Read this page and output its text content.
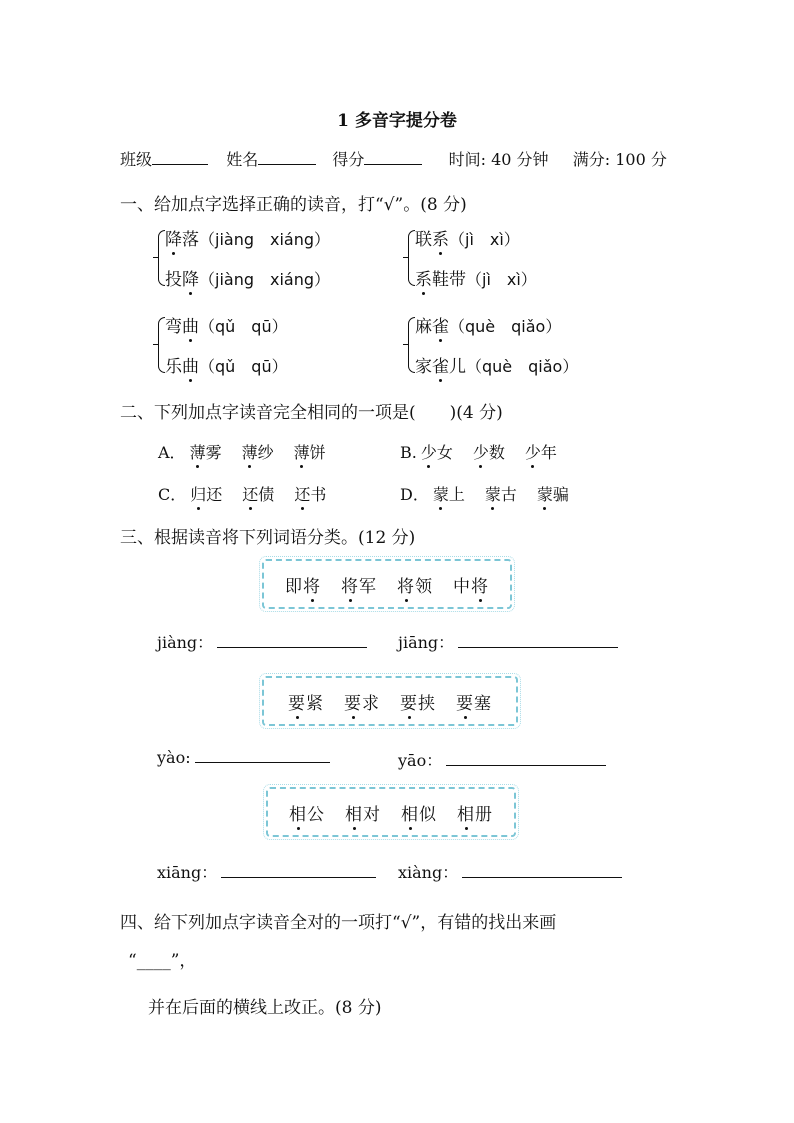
1 多音字提分卷
班级	姓名	得分	时间: 40 分钟 满分: 100 分
一、给加点字选择正确的读音，打“√”。(8 分)
降落（jiàng　xiáng）
投降（jiàng　xiáng）
联系（jì　xì）
系鞋带（jì　xì）
弯曲（qǔ　qū）
乐曲（qǔ　qū）
麻雀（què　qiǎo）
家雀儿（què　qiǎo）
二、下列加点字读音完全相同的一项是(　　)(4 分)
A． 薄雾 薄纱 薄饼	B. 少女 少数 少年
C． 归还 还债 还书	D． 蒙上 蒙古 蒙骗
三、根据读音将下列词语分类。(12 分)
即将 将军 将领 中将
jiàng：	jiāng：
要紧 要求 要挟 要塞
yào:	yāo：
相公 相对 相似 相册
xiāng：	xiàng：
四、给下列加点字读音全对的一项打“√”，有错的找出来画
“____”，
并在后面的横线上改正。(8 分)
